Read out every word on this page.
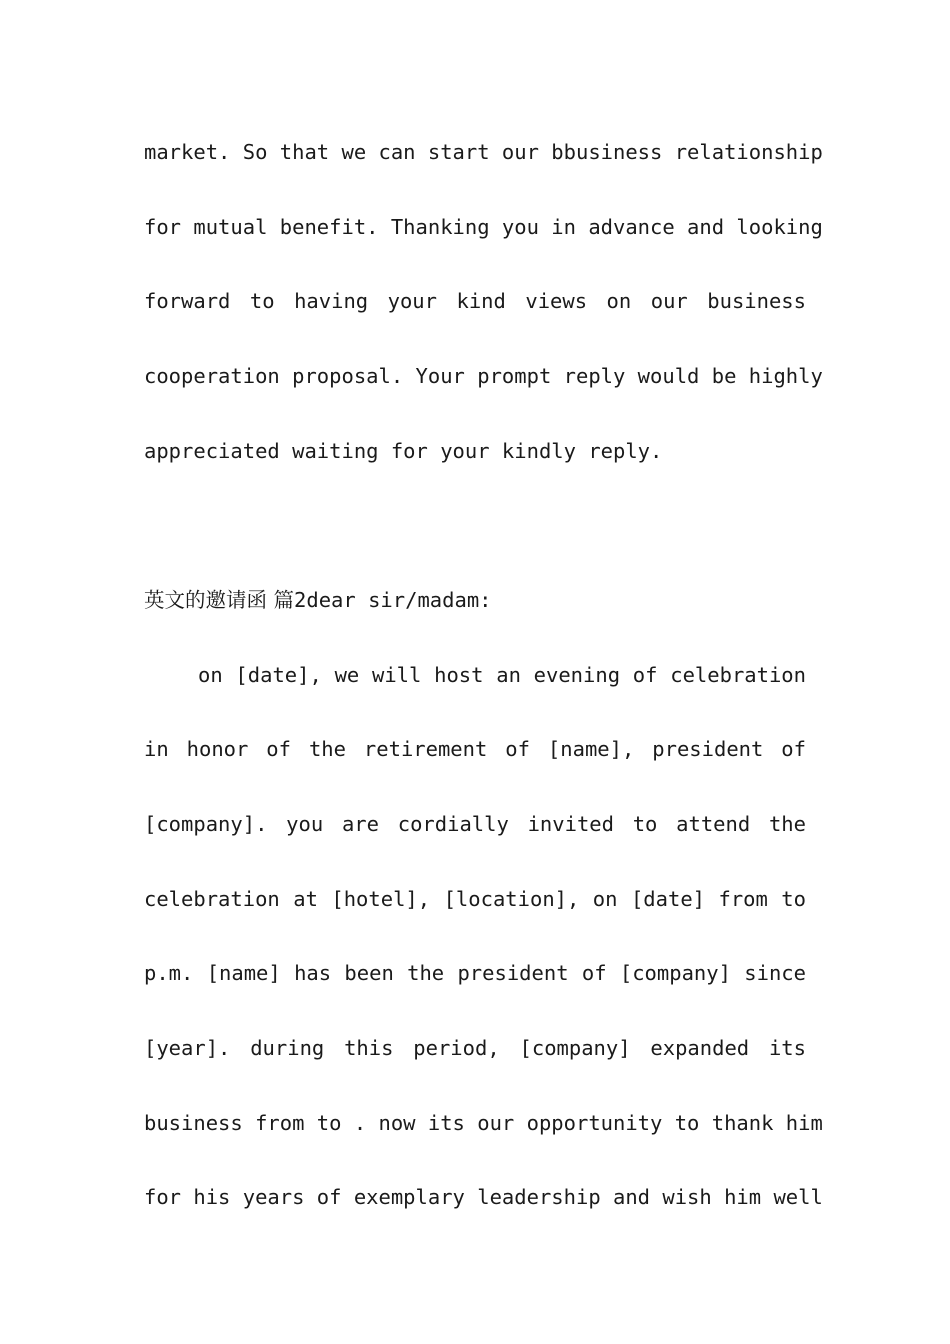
market. So that we can start our bbusiness relationship
for mutual benefit. Thanking you in advance and looking
forward to having your kind views on our business
cooperation proposal. Your prompt reply would be highly
appreciated waiting for your kindly reply.
英文的邀请函 篇2dear sir/madam:
on [date], we will host an evening of celebration
in honor of the retirement of [name], president of
[company]. you are cordially invited to attend the
celebration at [hotel], [location], on [date] from to
p.m. [name] has been the president of [company] since
[year]. during this period, [company] expanded its
business from to . now its our opportunity to thank him
for his years of exemplary leadership and wish him well
